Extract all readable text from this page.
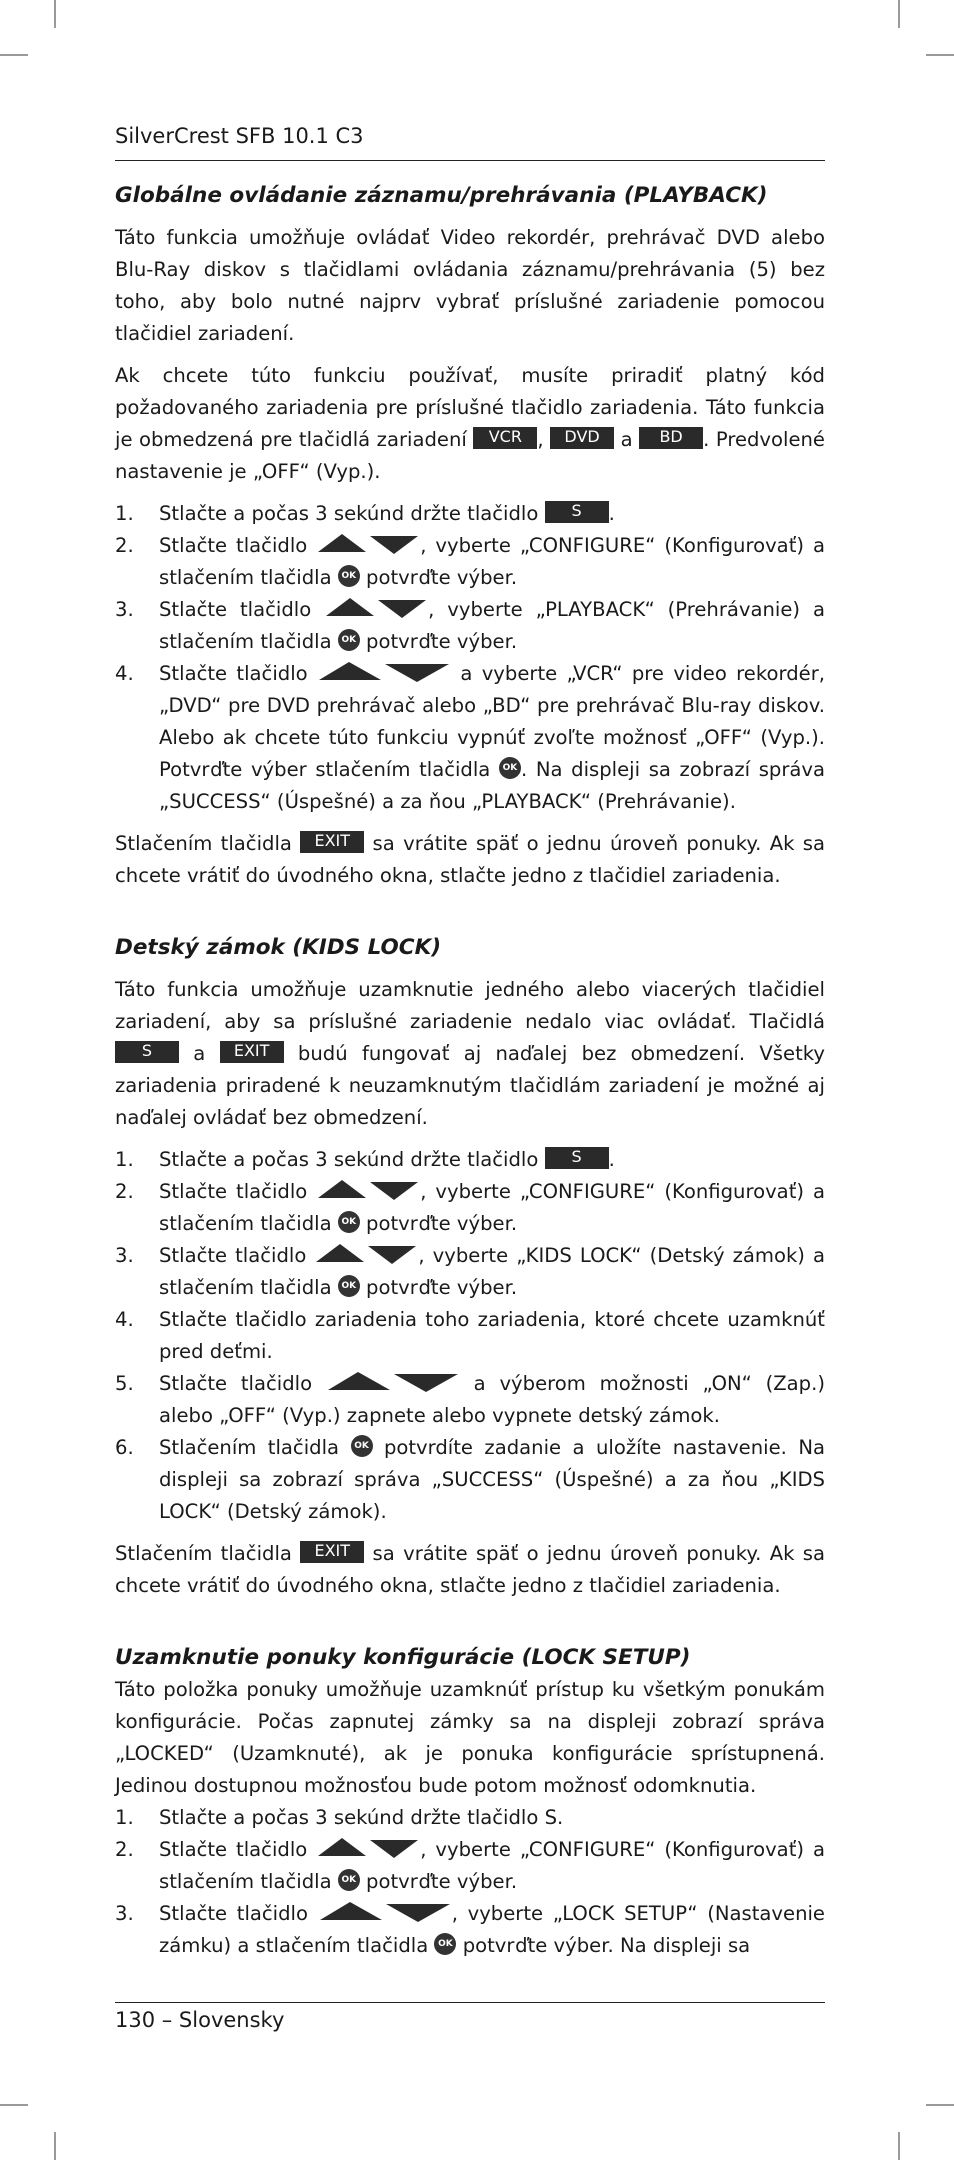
SilverCrest SFB 10.1 C3
Globálne ovládanie záznamu/prehrávania (PLAYBACK)

Táto funkcia umožňuje ovládať Video rekordér, prehrávač DVD alebo Blu-Ray diskov s tlačidlami ovládania záznamu/prehrávania (5) bez toho, aby bolo nutné najprv vybrať príslušné zariadenie pomocou tlačidiel zariadení.

Ak chcete túto funkciu používať, musíte priradiť platný kód požadovaného zariadenia pre príslušné tlačidlo zariadenia. Táto funkcia je obmedzená pre tlačidlá zariadení VCR , DVD a BD . Predvolené nastavenie je „OFF“ (Vyp.).

1. Stlačte a počas 3 sekúnd držte tlačidlo S .
2. Stlačte tlačidlo	, vyberte „CONFIGURE“ (Konfigurovať) a stlačením tlačidla OK potvrďte výber.
3. Stlačte tlačidlo	, vyberte „PLAYBACK“ (Prehrávanie) a stlačením tlačidla OK potvrďte výber.
4. Stlačte tlačidlo	a vyberte „VCR“ pre video rekordér, „DVD“ pre DVD prehrávač alebo „BD“ pre prehrávač Blu-ray diskov. Alebo ak chcete túto funkciu vypnúť zvoľte možnosť „OFF“ (Vyp.). Potvrďte výber stlačením tlačidla OK . Na displeji sa zobrazí správa „SUCCESS“ (Úspešné) a za ňou „PLAYBACK“ (Prehrávanie).

Stlačením tlačidla EXIT sa vrátite späť o jednu úroveň ponuky. Ak sa chcete vrátiť do úvodného okna, stlačte jedno z tlačidiel zariadenia.

Detský zámok (KIDS LOCK)

Táto funkcia umožňuje uzamknutie jedného alebo viacerých tlačidiel zariadení, aby sa príslušné zariadenie nedalo viac ovládať. Tlačidlá S a EXIT budú fungovať aj naďalej bez obmedzení. Všetky zariadenia priradené k neuzamknutým tlačidlám zariadení je možné aj naďalej ovládať bez obmedzení.

1. Stlačte a počas 3 sekúnd držte tlačidlo S .
2. Stlačte tlačidlo	, vyberte „CONFIGURE“ (Konfigurovať) a stlačením tlačidla OK potvrďte výber.
3. Stlačte tlačidlo	, vyberte „KIDS LOCK“ (Detský zámok) a stlačením tlačidla OK potvrďte výber.
4. Stlačte tlačidlo zariadenia toho zariadenia, ktoré chcete uzamknúť pred deťmi.
5. Stlačte tlačidlo	a výberom možnosti „ON“ (Zap.) alebo „OFF“ (Vyp.) zapnete alebo vypnete detský zámok.
6. Stlačením tlačidla OK potvrdíte zadanie a uložíte nastavenie. Na displeji sa zobrazí správa „SUCCESS“ (Úspešné) a za ňou „KIDS LOCK“ (Detský zámok).

Stlačením tlačidla EXIT sa vrátite späť o jednu úroveň ponuky. Ak sa chcete vrátiť do úvodného okna, stlačte jedno z tlačidiel zariadenia.

Uzamknutie ponuky konfigurácie (LOCK SETUP)

Táto položka ponuky umožňuje uzamknúť prístup ku všetkým ponukám konfigurácie. Počas zapnutej zámky sa na displeji zobrazí správa „LOCKED“ (Uzamknuté), ak je ponuka konfigurácie sprístupnená. Jedinou dostupnou možnosťou bude potom možnosť odomknutia.

1. Stlačte a počas 3 sekúnd držte tlačidlo S.
2. Stlačte tlačidlo	, vyberte „CONFIGURE“ (Konfigurovať) a stlačením tlačidla OK potvrďte výber.
3. Stlačte tlačidlo	, vyberte „LOCK SETUP“ (Nastavenie zámku) a stlačením tlačidla OK potvrďte výber. Na displeji sa
130 – Slovensky
